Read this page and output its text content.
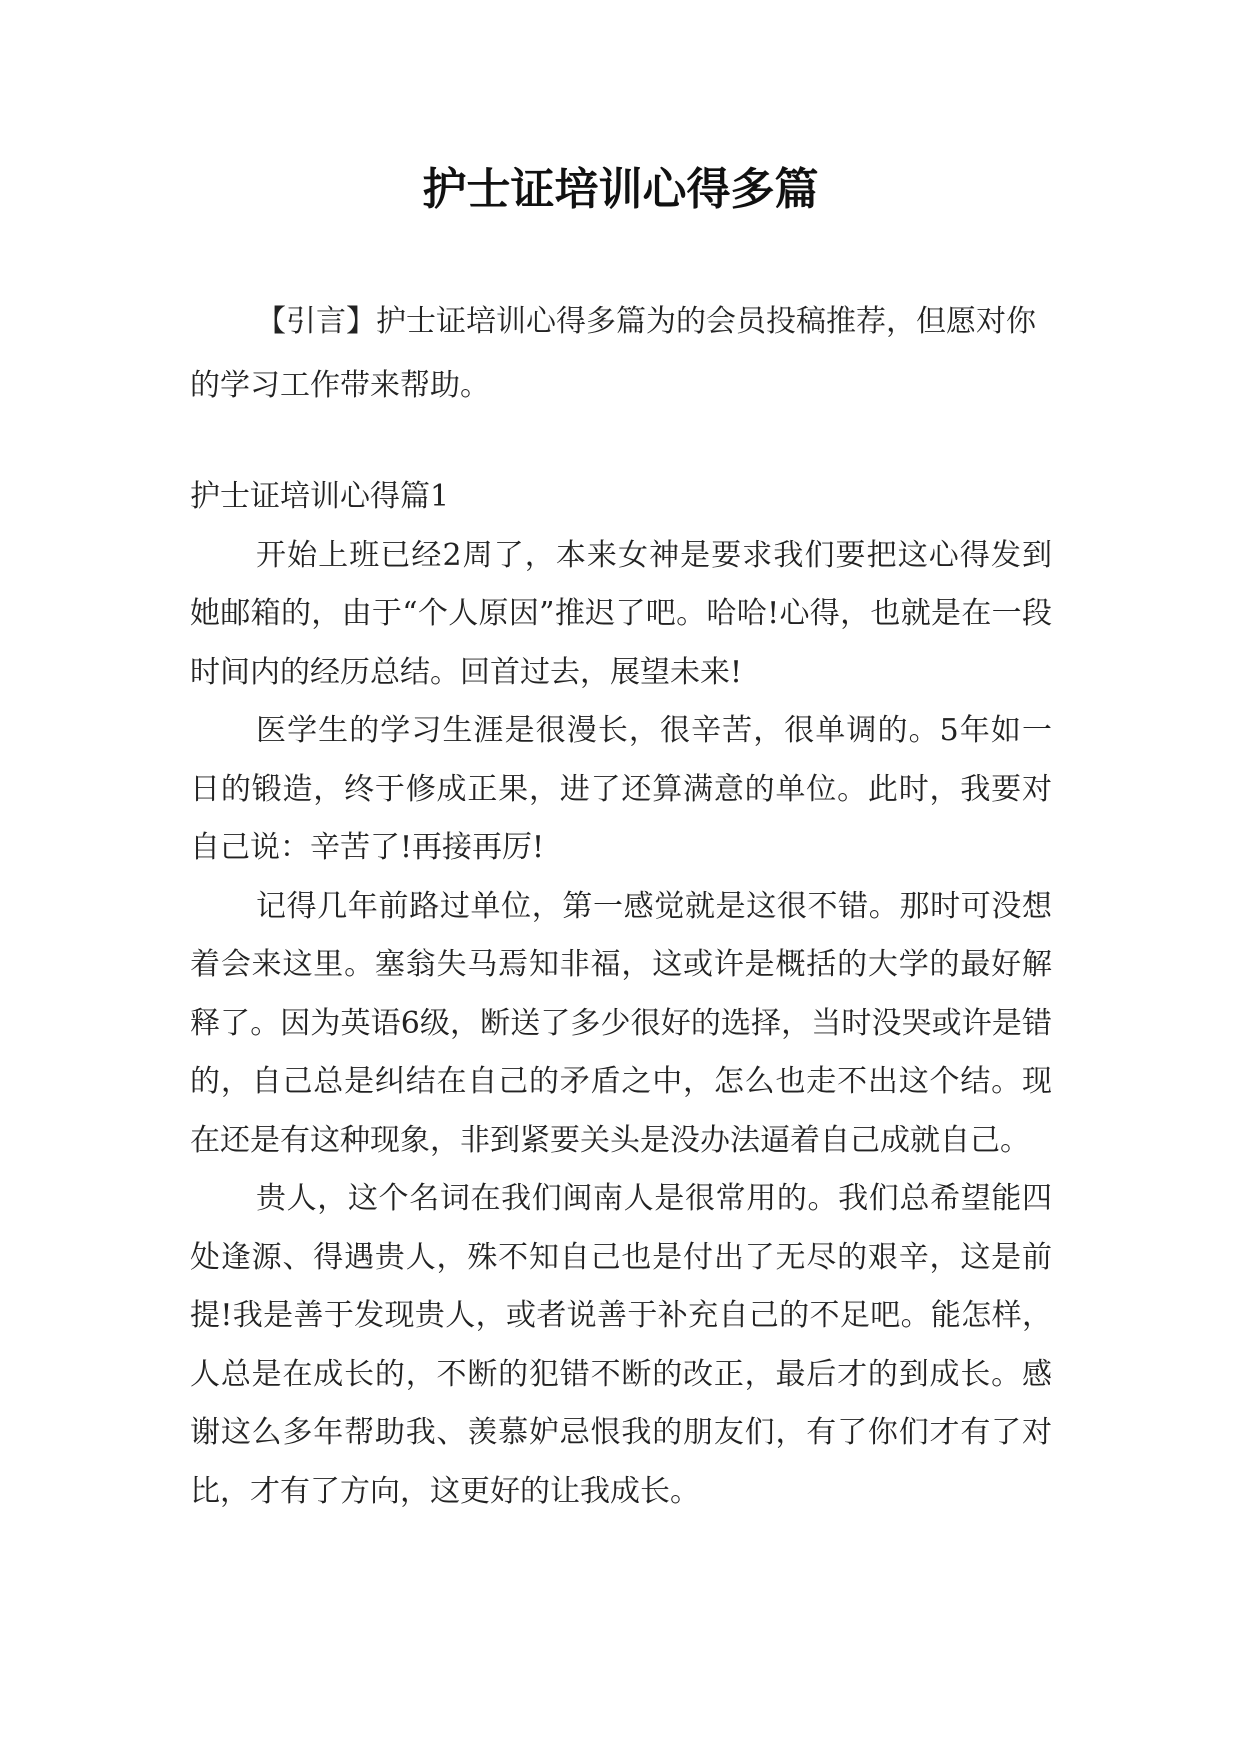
护士证培训心得多篇

【引言】护士证培训心得多篇为的会员投稿推荐，但愿对你的学习工作带来帮助。

护士证培训心得篇1

开始上班已经2周了，本来女神是要求我们要把这心得发到她邮箱的，由于“个人原因”推迟了吧。哈哈!心得，也就是在一段时间内的经历总结。回首过去，展望未来!

医学生的学习生涯是很漫长，很辛苦，很单调的。5年如一日的锻造，终于修成正果，进了还算满意的单位。此时，我要对自己说：辛苦了!再接再厉!

记得几年前路过单位，第一感觉就是这很不错。那时可没想着会来这里。塞翁失马焉知非福，这或许是概括的大学的最好解释了。因为英语6级，断送了多少很好的选择，当时没哭或许是错的，自己总是纠结在自己的矛盾之中，怎么也走不出这个结。现在还是有这种现象，非到紧要关头是没办法逼着自己成就自己。

贵人，这个名词在我们闽南人是很常用的。我们总希望能四处逢源、得遇贵人，殊不知自己也是付出了无尽的艰辛，这是前提!我是善于发现贵人，或者说善于补充自己的不足吧。能怎样，人总是在成长的，不断的犯错不断的改正，最后才的到成长。感谢这么多年帮助我、羡慕妒忌恨我的朋友们，有了你们才有了对比，才有了方向，这更好的让我成长。
